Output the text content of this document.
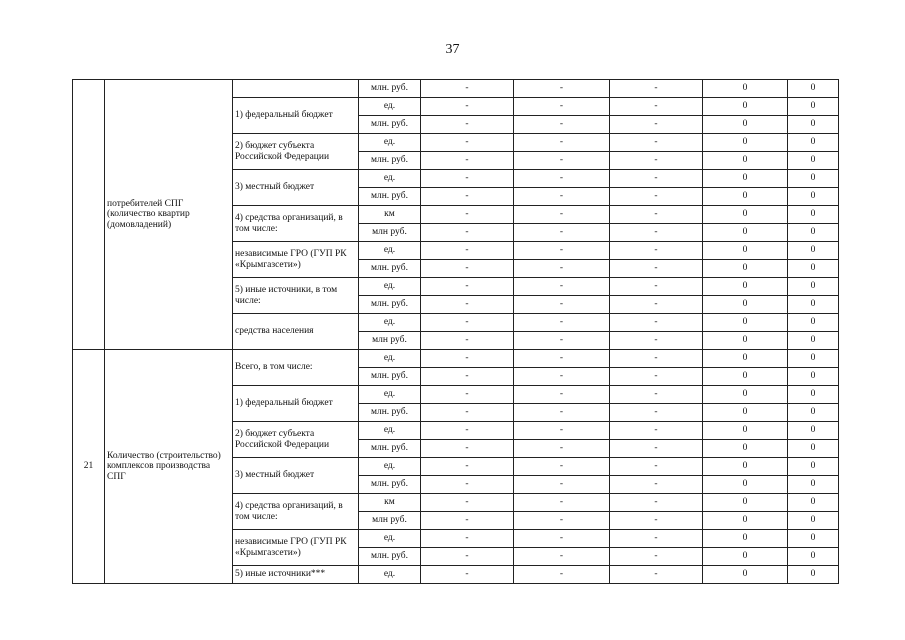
37
	потребителей СПГ (количество квартир (домовладений)		млн. руб.	-	-	-	0	0
		1) федеральный бюджет	ед.	-	-	-	0	0
			млн. руб.	-	-	-	0	0
		2) бюджет субъекта Российской Федерации	ед.	-	-	-	0	0
			млн. руб.	-	-	-	0	0
		3) местный бюджет	ед.	-	-	-	0	0
			млн. руб.	-	-	-	0	0
		4) средства организаций, в том числе:	км	-	-	-	0	0
			млн руб.	-	-	-	0	0
		независимые ГРО (ГУП РК «Крымгазсети»)	ед.	-	-	-	0	0
			млн. руб.	-	-	-	0	0
		5) иные источники, в том числе:	ед.	-	-	-	0	0
			млн. руб.	-	-	-	0	0
		средства населения	ед.	-	-	-	0	0
			млн руб.	-	-	-	0	0
21	Количество (строительство) комплексов производства СПГ	Всего, в том числе:	ед.	-	-	-	0	0
			млн. руб.	-	-	-	0	0
		1) федеральный бюджет	ед.	-	-	-	0	0
			млн. руб.	-	-	-	0	0
		2) бюджет субъекта Российской Федерации	ед.	-	-	-	0	0
			млн. руб.	-	-	-	0	0
		3) местный бюджет	ед.	-	-	-	0	0
			млн. руб.	-	-	-	0	0
		4) средства организаций, в том числе:	км	-	-	-	0	0
			млн руб.	-	-	-	0	0
		независимые ГРО (ГУП РК «Крымгазсети»)	ед.	-	-	-	0	0
			млн. руб.	-	-	-	0	0
		5) иные источники***	ед.	-	-	-	0	0
